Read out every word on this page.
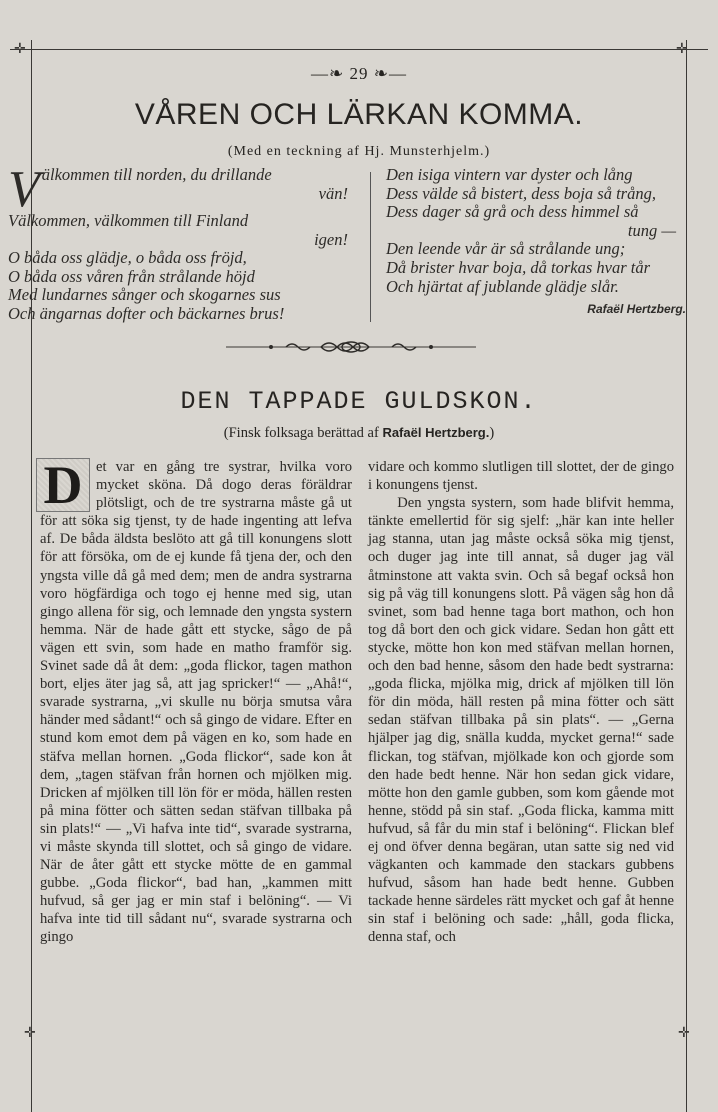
✛	✛
✛	✛
—❧ 29 ❧—
VÅREN OCH LÄRKAN KOMMA.
(Med en teckning af Hj. Munsterhjelm.)
V älkommen till norden, du drillande

vän!

Välkommen, välkommen till Finland

igen!

O båda oss glädje, o båda oss fröjd,

O båda oss våren från strålande höjd

Med lundarnes sånger och skogarnes sus

Och ängarnas dofter och bäckarnes brus!

Den isiga vintern var dyster och lång

Dess välde så bistert, dess boja så trång,

Dess dager så grå och dess himmel så

tung —

Den leende vår är så strålande ung;

Då brister hvar boja, då torkas hvar tår

Och hjärtat af jublande glädje slår.

Rafaël Hertzberg.
DEN TAPPADE GULDSKON.
(Finsk folksaga berättad af Rafaël Hertzberg.)

D et var en gång tre systrar, hvilka voro mycket sköna. Då dogo deras föräldrar plötsligt, och de tre systrarna måste gå ut för att söka sig tjenst, ty de hade ingenting att lefva af. De båda äldsta beslöto att gå till konungens slott för att försöka, om de ej kunde få tjena der, och den yngsta ville då gå med dem; men de andra systrarna voro högfärdiga och togo ej henne med sig, utan gingo allena för sig, och lemnade den yngsta systern hemma. När de hade gått ett stycke, sågo de på vägen ett svin, som hade en matho framför sig. Svinet sade då åt dem: „goda flickor, tagen mathon bort, eljes äter jag så, att jag spricker!“ — „Ahå!“, svarade systrarna, „vi skulle nu börja smutsa våra händer med sådant!“ och så gingo de vidare. Efter en stund kom emot dem på vägen en ko, som hade en stäfva mellan hornen. „Goda flickor“, sade kon åt dem, „tagen stäfvan från hornen och mjölken mig. Dricken af mjölken till lön för er möda, hällen resten på mina fötter och sätten sedan stäfvan tillbaka på sin plats!“ — „Vi hafva inte tid“, svarade systrarna, vi måste skynda till slottet, och så gingo de vidare. När de åter gått ett stycke mötte de en gammal gubbe. „Goda flickor“, bad han, „kammen mitt hufvud, så ger jag er min staf i belöning“. — Vi hafva inte tid till sådant nu“, svarade systrarna och gingo

vidare och kommo slutligen till slottet, der de gingo i konungens tjenst.

Den yngsta systern, som hade blifvit hemma, tänkte emellertid för sig sjelf: „här kan inte heller jag stanna, utan jag måste också söka mig tjenst, och duger jag inte till annat, så duger jag väl åtminstone att vakta svin. Och så begaf också hon sig på väg till konungens slott. På vägen såg hon då svinet, som bad henne taga bort mathon, och hon tog då bort den och gick vidare. Sedan hon gått ett stycke, mötte hon kon med stäfvan mellan hornen, och den bad henne, såsom den hade bedt systrarna: „goda flicka, mjölka mig, drick af mjölken till lön för din möda, häll resten på mina fötter och sätt sedan stäfvan tillbaka på sin plats“. — „Gerna hjälper jag dig, snälla kudda, mycket gerna!“ sade flickan, tog stäfvan, mjölkade kon och gjorde som den hade bedt henne. När hon sedan gick vidare, mötte hon den gamle gubben, som kom gående mot henne, stödd på sin staf. „Goda flicka, kamma mitt hufvud, så får du min staf i belöning“. Flickan blef ej ond öfver denna begäran, utan satte sig ned vid vägkanten och kammade den stackars gubbens hufvud, såsom han hade bedt henne. Gubben tackade henne särdeles rätt mycket och gaf åt henne sin staf i belöning och sade: „håll, goda flicka, denna staf, och
